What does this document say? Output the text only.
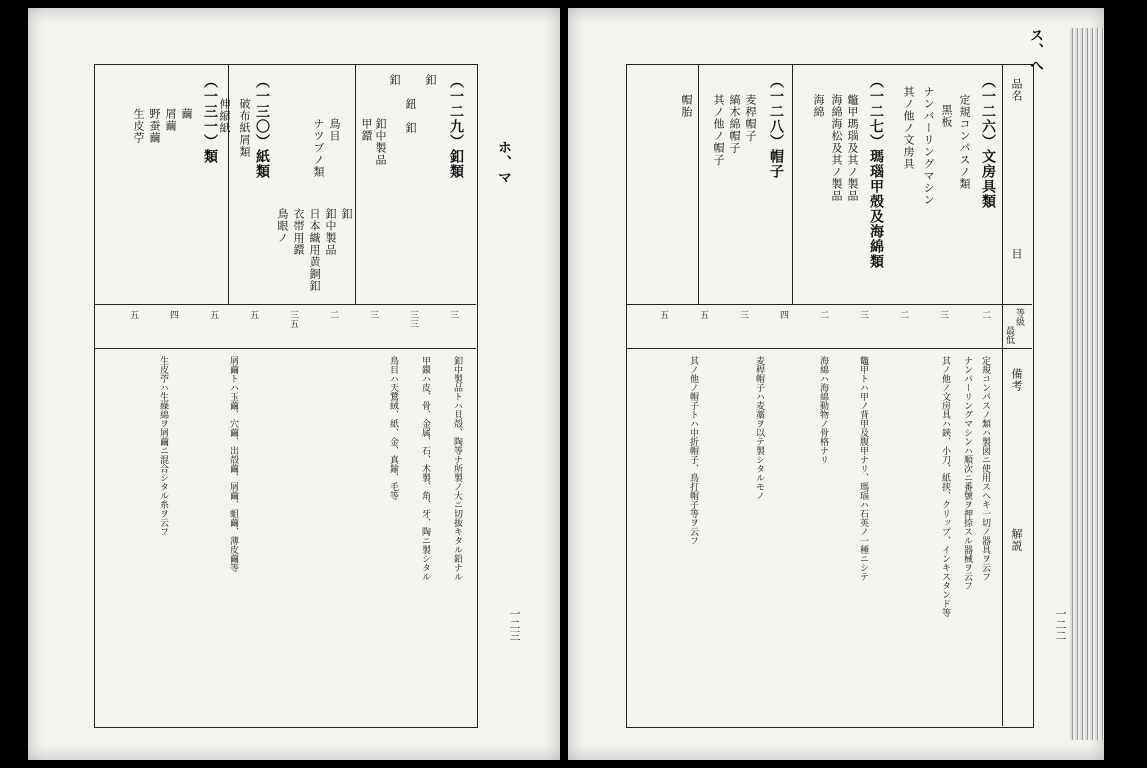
ホ、マ
一二三
（一二九）釦類
釦
鈕　釦
釦
釦中製品
甲鐶
鳥目
ナツブノ類
釦
釦中製品
日本織用黄銅釦
衣帯用鐶
鳥眼ノ
（一三〇）紙類
破布紙屑類
伸縮紙
（一三一）類
繭
屑繭
野蚕繭
生皮苧
三
三三
三
二
三五
五
五
四
五
釦中製品トハ貝殻、陶等ナ所製ノ大ニ切抜キタル鉛ナル
甲鐶ハ皮、骨、金属、石、木製、角、牙、陶ニ製シタル
鳥目ハ天鵞絨、紙、金、真鍮、毛等
屑繭トハ玉繭、穴繭、出殻繭、屑繭、蛆繭、薄皮繭等
生皮苧ハ生繰綿ヲ屑繭ニ混合シタル糸ヲ云フ
ス、へ
一二二
品名
目
等級
最低
備考
解説
（一二六）文房具類
定規コンパスノ類
黒板
ナンバーリングマシン
其ノ他ノ文房具
（一二七）瑪瑙甲殻及海綿類
鼈甲瑪瑙及其ノ製品
海綿海松及其ノ製品
海綿
（一二八）帽子
麦稈帽子
縞木綿帽子
其ノ他ノ帽子
帽胎
二
三
二
三
二
四
三
五
五
定規コンパスノ類ハ製図ニ使用スヘキ一切ノ器具ヲ云フ
ナンバーリングマシンハ順次ニ番號ヲ押捺スル器械ヲ云フ
其ノ他ノ文房具ハ鋏、小刀、紙挟、クリップ、インキスタンド等
鼈甲トハ甲ノ背甲及腹甲ナリ、瑪瑙ハ石英ノ一種ニシテ
海綿ハ海綿動物ノ骨格ナリ
麦稈帽子ハ麦藁ヲ以テ製シタルモノ
其ノ他ノ帽子トハ中折帽子、鳥打帽子等ヲ云フ
